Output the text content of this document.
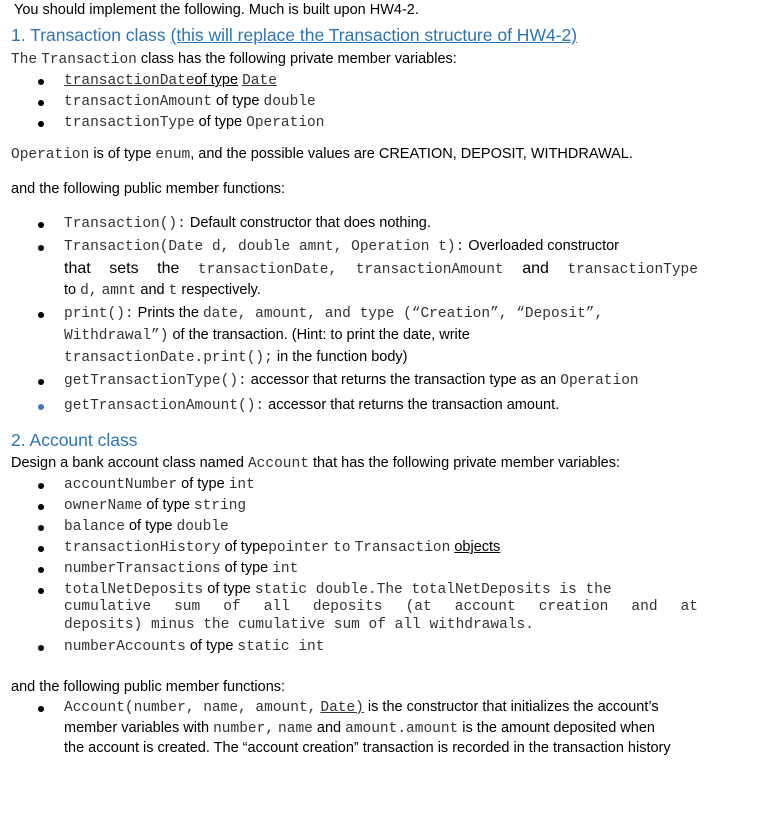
You should implement the following. Much is built upon HW4-2.
1. Transaction class (this will replace the Transaction structure of HW4-2)
The Transaction class has the following private member variables:
transactionDateof type Date
transactionAmount of type double
transactionType of type Operation
Operation is of type enum, and the possible values are CREATION, DEPOSIT, WITHDRAWAL.
and the following public member functions:
Transaction(): Default constructor that does nothing.
Transaction(Date d, double amnt, Operation t): Overloaded constructor
that sets the transactionDate, transactionAmount and transactionType
to d, amnt and t respectively.
print(): Prints the date, amount, and type (“Creation”, “Deposit”,
Withdrawal”) of the transaction. (Hint: to print the date, write
transactionDate.print(); in the function body)
getTransactionType(): accessor that returns the transaction type as an Operation
getTransactionAmount(): accessor that returns the transaction amount.
2. Account class
Design a bank account class named Account that has the following private member variables:
accountNumber of type int
ownerName of type string
balance of type double
transactionHistory of typepointer to Transaction objects
numberTransactions of type int
totalNetDeposits of type static double.The totalNetDeposits is the
cumulative sum of all deposits (at account creation and at
deposits) minus the cumulative sum of all withdrawals.
numberAccounts of type static int
and the following public member functions:
Account(number, name, amount, Date) is the constructor that initializes the account’s
member variables with number, name and amount.amount is the amount deposited when
the account is created. The “account creation” transaction is recorded in the transaction history
